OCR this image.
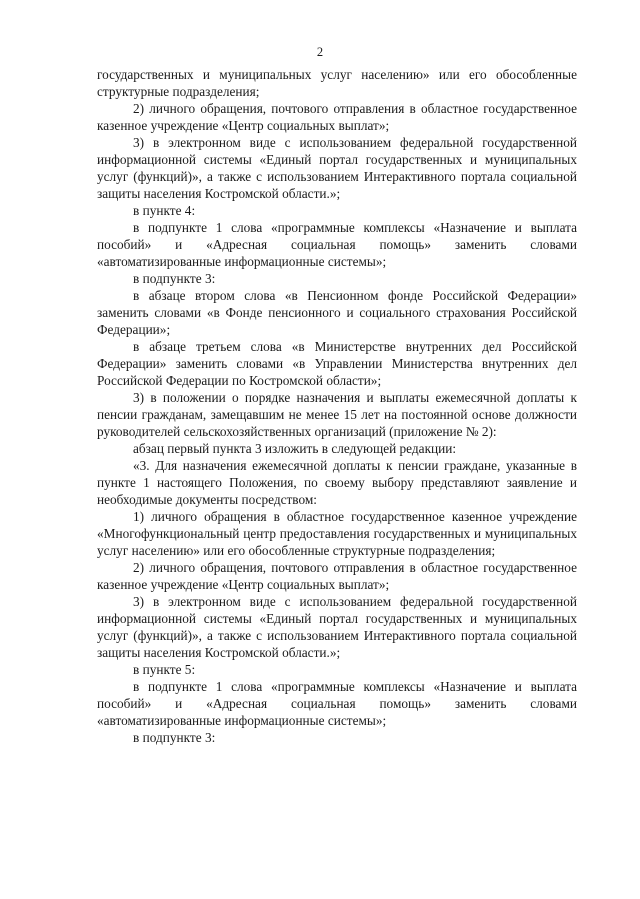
2

государственных и муниципальных услуг населению» или его обособленные структурные подразделения;

2) личного обращения, почтового отправления в областное государственное казенное учреждение «Центр социальных выплат»;

3) в электронном виде с использованием федеральной государственной информационной системы «Единый портал государственных и муниципальных услуг (функций)», а также с использованием Интерактивного портала социальной защиты населения Костромской области.»;

в пункте 4:

в подпункте 1 слова «программные комплексы «Назначение и выплата пособий» и «Адресная социальная помощь» заменить словами «автоматизированные информационные системы»;

в подпункте 3:

в абзаце втором слова «в Пенсионном фонде Российской Федерации» заменить словами «в Фонде пенсионного и социального страхования Российской Федерации»;

в абзаце третьем слова «в Министерстве внутренних дел Российской Федерации» заменить словами «в Управлении Министерства внутренних дел Российской Федерации по Костромской области»;

3) в положении о порядке назначения и выплаты ежемесячной доплаты к пенсии гражданам, замещавшим не менее 15 лет на постоянной основе должности руководителей сельскохозяйственных организаций (приложение № 2):

абзац первый пункта 3 изложить в следующей редакции:

«3. Для назначения ежемесячной доплаты к пенсии граждане, указанные в пункте 1 настоящего Положения, по своему выбору представляют заявление и необходимые документы посредством:

1) личного обращения в областное государственное казенное учреждение «Многофункциональный центр предоставления государственных и муниципальных услуг населению» или его обособленные структурные подразделения;

2) личного обращения, почтового отправления в областное государственное казенное учреждение «Центр социальных выплат»;

3) в электронном виде с использованием федеральной государственной информационной системы «Единый портал государственных и муниципальных услуг (функций)», а также с использованием Интерактивного портала социальной защиты населения Костромской области.»;

в пункте 5:

в подпункте 1 слова «программные комплексы «Назначение и выплата пособий» и «Адресная социальная помощь» заменить словами «автоматизированные информационные системы»;

в подпункте 3:
